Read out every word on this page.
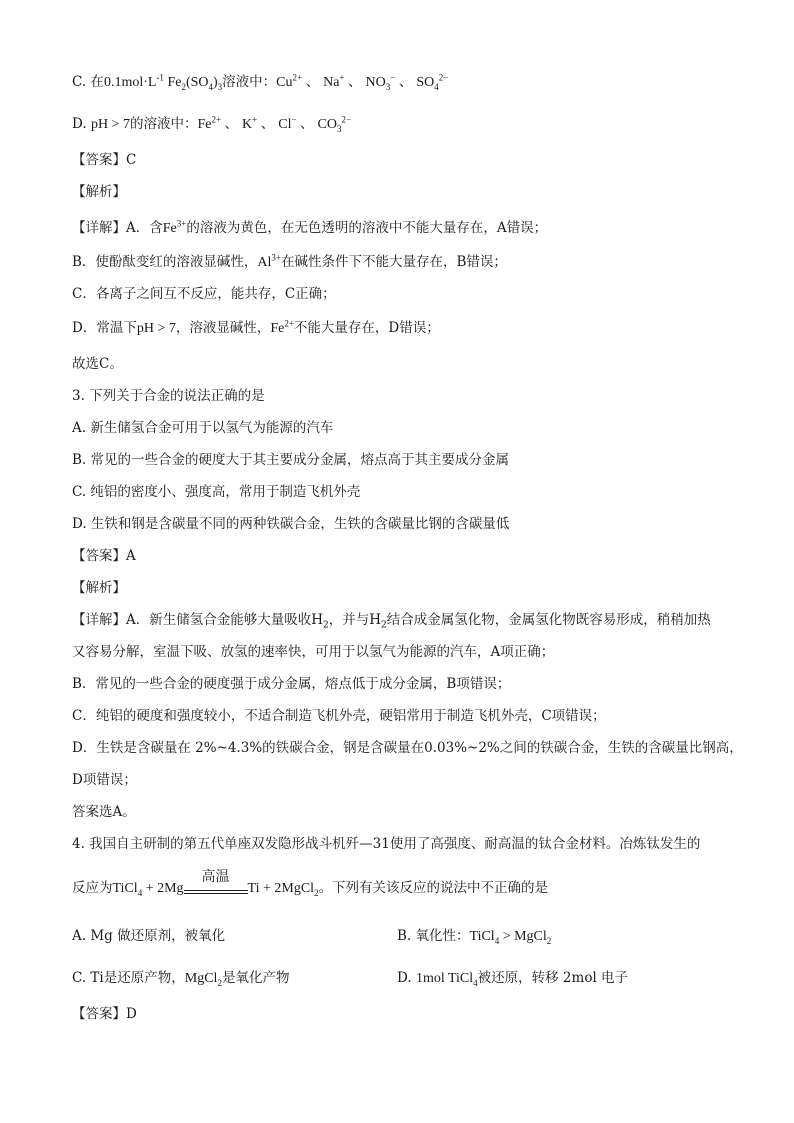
C. 在$0.1mol\cdot L^{-1}$ $Fe_2(SO_4)_3$溶液中：$Cu^{2+}$ 、 Na+ 、 $NO_3^-$ 、 $SO_4^{2-}$
D. pH > 7的溶液中：$Fe^{2+}$ 、 K+ 、 Cl− 、 $CO_3^{2-}$
【答案】C
【解析】
【详解】A．含$Fe^{3+}$的溶液为黄色，在无色透明的溶液中不能大量存在，A错误；
B．使酚酞变红的溶液显碱性，$Al^{3+}$在碱性条件下不能大量存在，B错误；
C．各离子之间互不反应，能共存，C正确；
D．常温下pH > 7，溶液显碱性，$Fe^{2+}$不能大量存在，D错误；
故选C。
3. 下列关于合金的说法正确的是
A. 新生储氢合金可用于以氢气为能源的汽车
B. 常见的一些合金的硬度大于其主要成分金属，熔点高于其主要成分金属
C. 纯铝的密度小、强度高，常用于制造飞机外壳
D. 生铁和钢是含碳量不同的两种铁碳合金，生铁的含碳量比钢的含碳量低
【答案】A
【解析】
【详解】A．新生储氢合金能够大量吸收$H_2$，并与$H_2$结合成金属氢化物，金属氢化物既容易形成，稍稍加热
又容易分解，室温下吸、放氢的速率快，可用于以氢气为能源的汽车，A项正确；
B．常见的一些合金的硬度强于成分金属，熔点低于成分金属，B项错误；
C．纯铝的硬度和强度较小，不适合制造飞机外壳，硬铝常用于制造飞机外壳，C项错误；
D．生铁是含碳量在 2%~4.3%的铁碳合金，钢是含碳量在0.03%~2%之间的铁碳合金，生铁的含碳量比钢高，
D项错误；
答案选A。
4. 我国自主研制的第五代单座双发隐形战斗机歼—31使用了高强度、耐高温的钛合金材料。冶炼钛发生的
反应为TiCl$_4$ + 2Mg
高温
Ti + 2MgCl$_2$。下列有关该反应的说法中不正确的是
A. Mg 做还原剂，被氧化	B. 氧化性：TiCl$_4$ > MgCl$_2$
C. Ti是还原产物，MgCl$_2$是氧化产物	D. 1mol TiCl$_4$被还原，转移 2mol 电子
【答案】D
